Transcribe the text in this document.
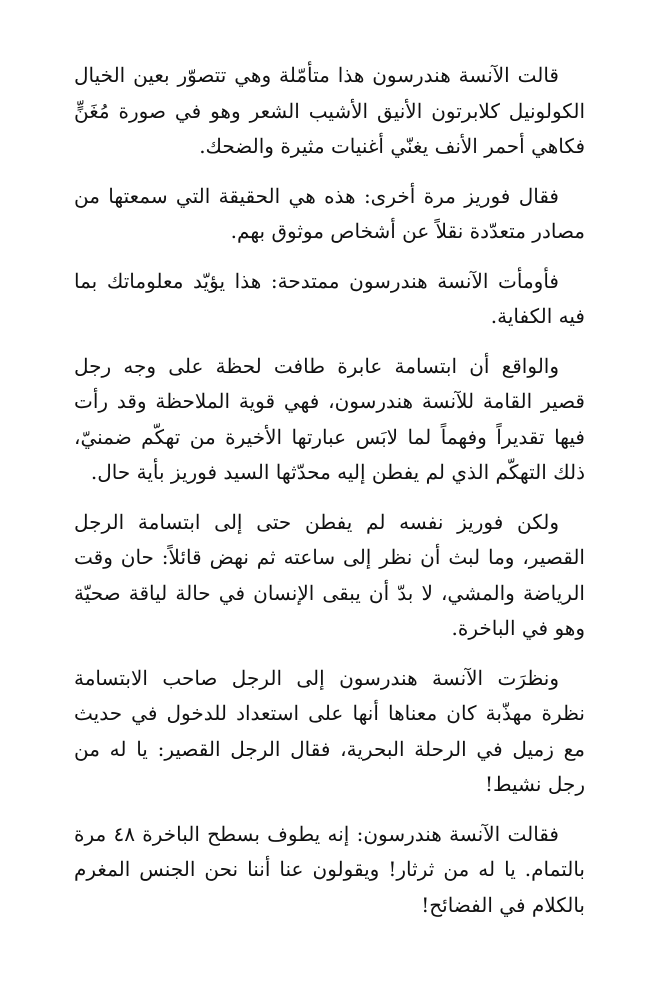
قالت الآنسة هندرسون هذا متأمّلة وهي تتصوّر بعين الخيال الكولونيل كلابرتون الأنيق الأشيب الشعر وهو في صورة مُغَنٍّ فكاهي أحمر الأنف يغنّي أغنيات مثيرة والضحك.

فقال فوريز مرة أخرى: هذه هي الحقيقة التي سمعتها من مصادر متعدّدة نقلاً عن أشخاص موثوق بهم.

فأومأت الآنسة هندرسون ممتدحة: هذا يؤيّد معلوماتك بما فيه الكفاية.

والواقع أن ابتسامة عابرة طافت لحظة على وجه رجل قصير القامة للآنسة هندرسون، فهي قوية الملاحظة وقد رأت فيها تقديراً وفهماً لما لابَس عبارتها الأخيرة من تهكّم ضمنيّ، ذلك التهكّم الذي لم يفطن إليه محدّثها السيد فوريز بأية حال.

ولكن فوريز نفسه لم يفطن حتى إلى ابتسامة الرجل القصير، وما لبث أن نظر إلى ساعته ثم نهض قائلاً: حان وقت الرياضة والمشي، لا بدّ أن يبقى الإنسان في حالة لياقة صحيّة وهو في الباخرة.

ونظرَت الآنسة هندرسون إلى الرجل صاحب الابتسامة نظرة مهذّبة كان معناها أنها على استعداد للدخول في حديث مع زميل في الرحلة البحرية، فقال الرجل القصير: يا له من رجل نشيط!

فقالت الآنسة هندرسون: إنه يطوف بسطح الباخرة ٤٨ مرة بالتمام. يا له من ثرثار! ويقولون عنا أننا نحن الجنس المغرم بالكلام في الفضائح!
